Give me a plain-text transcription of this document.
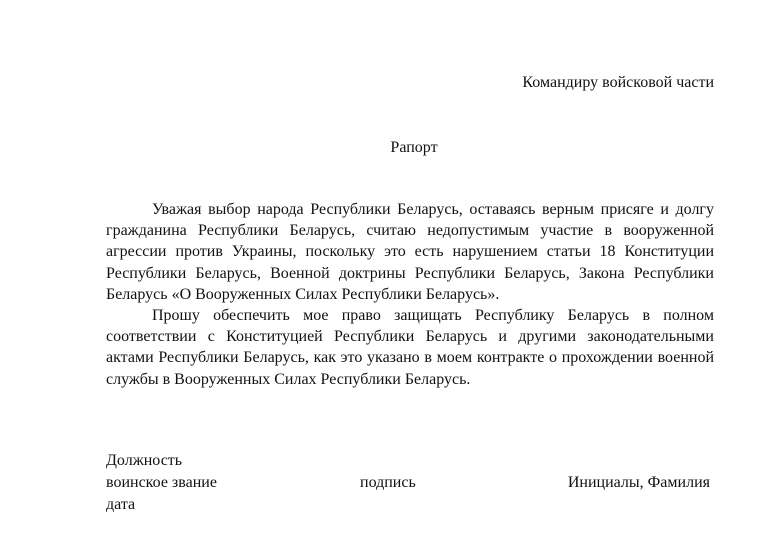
Командиру войсковой части
Рапорт

Уважая выбор народа Республики Беларусь, оставаясь верным присяге и долгу гражданина Республики Беларусь, считаю недопустимым участие в вооруженной агрессии против Украины, поскольку это есть нарушением статьи 18 Конституции Республики Беларусь, Военной доктрины Республики Беларусь, Закона Республики Беларусь «О Вооруженных Силах Республики Беларусь».

Прошу обеспечить мое право защищать Республику Беларусь в полном соответствии с Конституцией Республики Беларусь и другими законодательными актами Республики Беларусь, как это указано в моем контракте о прохождении военной службы в Вооруженных Силах Республики Беларусь.

Должность
воинское звание	подпись	Инициалы, Фамилия
дата
